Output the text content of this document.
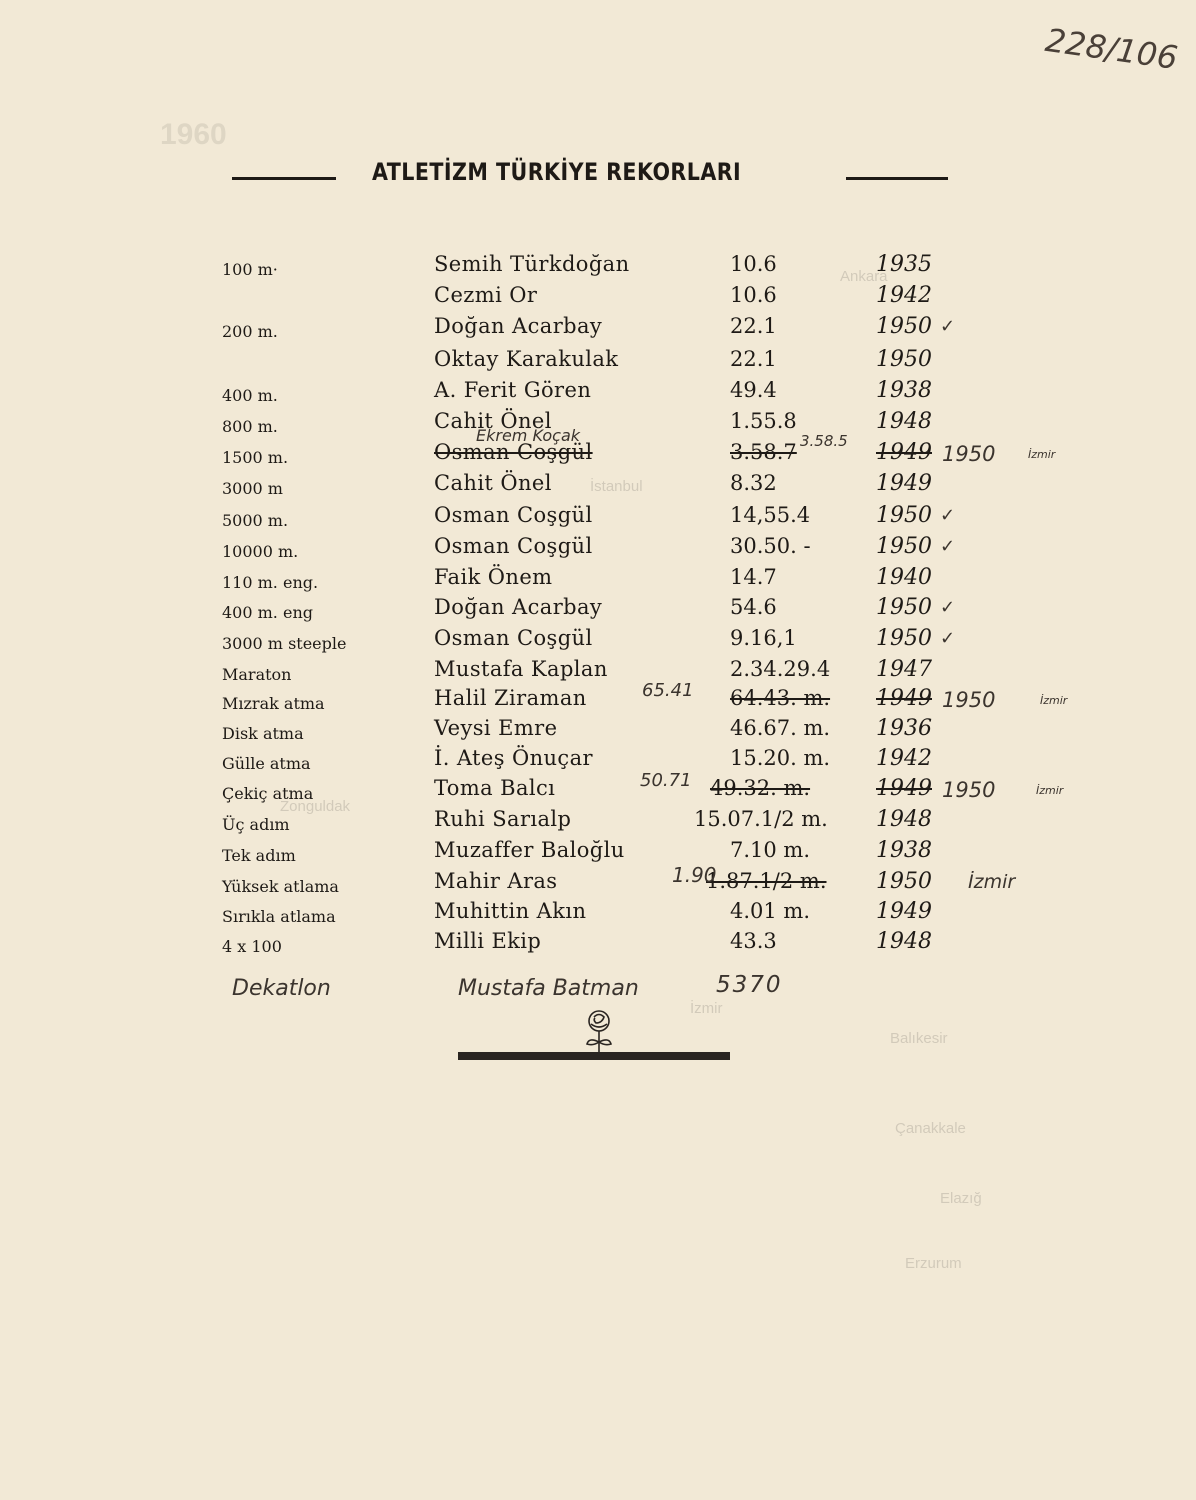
1960
Ankara
İstanbul
Zonguldak
Balıkesir
Çanakkale
Elazığ
Erzurum
İzmir
228/106
ATLETİZM TÜRKİYE REKORLARI
100 m·	Semih Türkdoğan	10.6	1935
Cezmi Or	10.6	1942
200 m.	Doğan Acarbay	22.1	1950 ✓
Oktay Karakulak	22.1	1950
400 m.	A. Ferit Gören	49.4	1938
800 m.	Cahit Önel	1.55.8	1948
1500 m.	Osman Coşgül	3.58.7	1949
Ekrem Koçak	3.58.5
1950	İzmir
3000 m	Cahit Önel	8.32	1949
5000 m.	Osman Coşgül	14,55.4	1950 ✓
10000 m.	Osman Coşgül	30.50. -	1950 ✓
110 m. eng.	Faik Önem	14.7	1940
400 m. eng	Doğan Acarbay	54.6	1950 ✓
3000 m steeple	Osman Coşgül	9.16,1	1950 ✓
Maraton	Mustafa Kaplan	2.34.29.4 1947
Mızrak atma	Halil Ziraman	64.43. m. 1949
65.41	1950	İzmir
Disk atma	Veysi Emre	46.67. m. 1936
Gülle atma	İ. Ateş Önuçar	15.20. m. 1942
Çekiç atma	Toma Balcı	49.32. m.	1949
50.71	1950	İzmir
Üç adım	Ruhi Sarıalp	15.07.1/2 m. 1948
Tek adım	Muzaffer Baloğlu	7.10 m.	1938
Yüksek atlama	Mahir Aras	1.87.1/2 m. 1950
1.90	İzmir
Sırıkla atlama	Muhittin Akın	4.01 m.	1949
4 x 100	Milli Ekip	43.3	1948
Dekatlon	Mustafa Batman	5370
